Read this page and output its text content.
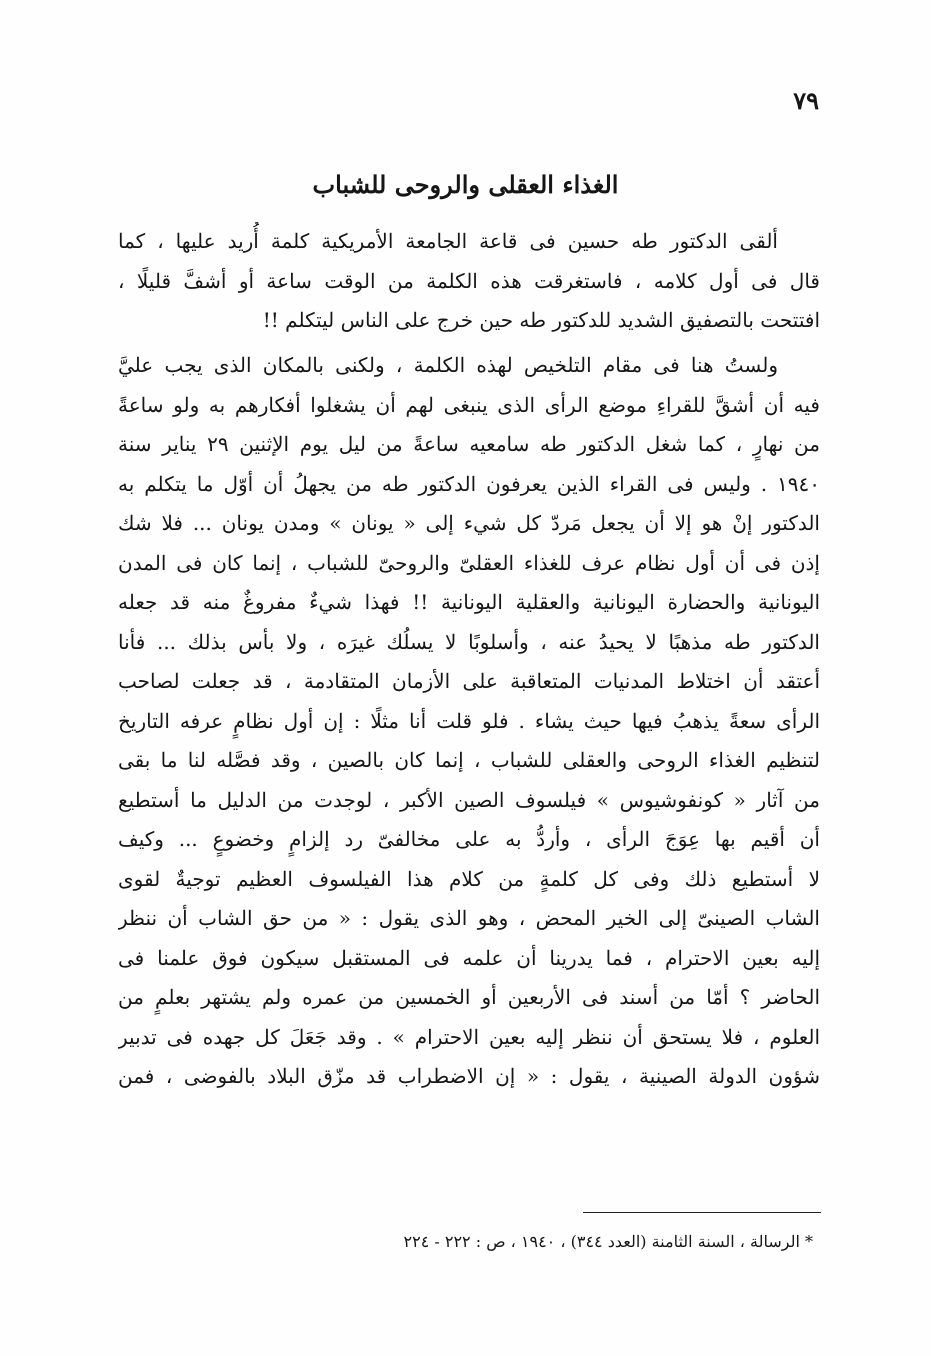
٧٩
الغذاء العقلى والروحى للشباب
ألقى الدكتور طه حسين فى قاعة الجامعة الأمريكية كلمة أُريد عليها ، كما
قال فى أول كلامه ، فاستغرقت هذه الكلمة من الوقت ساعة أو أشفَّ قليلًا ،
افتتحت بالتصفيق الشديد للدكتور طه حين خرج على الناس ليتكلم !!
ولستُ هنا فى مقام التلخيص لهذه الكلمة ، ولكنى بالمكان الذى يجب عليَّ
فيه أن أشقَّ للقراءِ موضع الرأى الذى ينبغى لهم أن يشغلوا أفكارهم به ولو ساعةً
من نهارٍ ، كما شغل الدكتور طه سامعيه ساعةً من ليل يوم الإثنين ٢٩ يناير سنة
١٩٤٠ . وليس فى القراء الذين يعرفون الدكتور طه من يجهلُ أن أوّل ما يتكلم به
الدكتور إنْ هو إلا أن يجعل مَردّ كل شيء إلى « يونان » ومدن يونان ... فلا شك
إذن فى أن أول نظام عرف للغذاء العقلىّ والروحىّ للشباب ، إنما كان فى المدن
اليونانية والحضارة اليونانية والعقلية اليونانية !! فهذا شيءٌ مفروغٌ منه قد جعله
الدكتور طه مذهبًا لا يحيدُ عنه ، وأسلوبًا لا يسلُك غيرَه ، ولا بأس بذلك ... فأنا
أعتقد أن اختلاط المدنيات المتعاقبة على الأزمان المتقادمة ، قد جعلت لصاحب
الرأى سعةً يذهبُ فيها حيث يشاء . فلو قلت أنا مثلًا : إن أول نظامٍ عرفه التاريخ
لتنظيم الغذاء الروحى والعقلى للشباب ، إنما كان بالصين ، وقد فصَّله لنا ما بقى
من آثار « كونفوشيوس » فيلسوف الصين الأكبر ، لوجدت من الدليل ما أستطيع
أن أقيم بها عِوَجَ الرأى ، وأردُّ به على مخالفىّ رد إلزامٍ وخضوعٍ ... وكيف
لا أستطيع ذلك وفى كل كلمةٍ من كلام هذا الفيلسوف العظيم توجيةٌ لقوى
الشاب الصينىّ إلى الخير المحض ، وهو الذى يقول : « من حق الشاب أن ننظر
إليه بعين الاحترام ، فما يدرينا أن علمه فى المستقبل سيكون فوق علمنا فى
الحاضر ؟ أمّا من أسند فى الأربعين أو الخمسين من عمره ولم يشتهر بعلمٍ من
العلوم ، فلا يستحق أن ننظر إليه بعين الاحترام » . وقد جَعَلَ كل جهده فى تدبير
شؤون الدولة الصينية ، يقول : « إن الاضطراب قد مزّق البلاد بالفوضى ، فمن
* الرسالة ، السنة الثامنة (العدد ٣٤٤) ، ١٩٤٠ ، ص : ٢٢٢ - ٢٢٤
